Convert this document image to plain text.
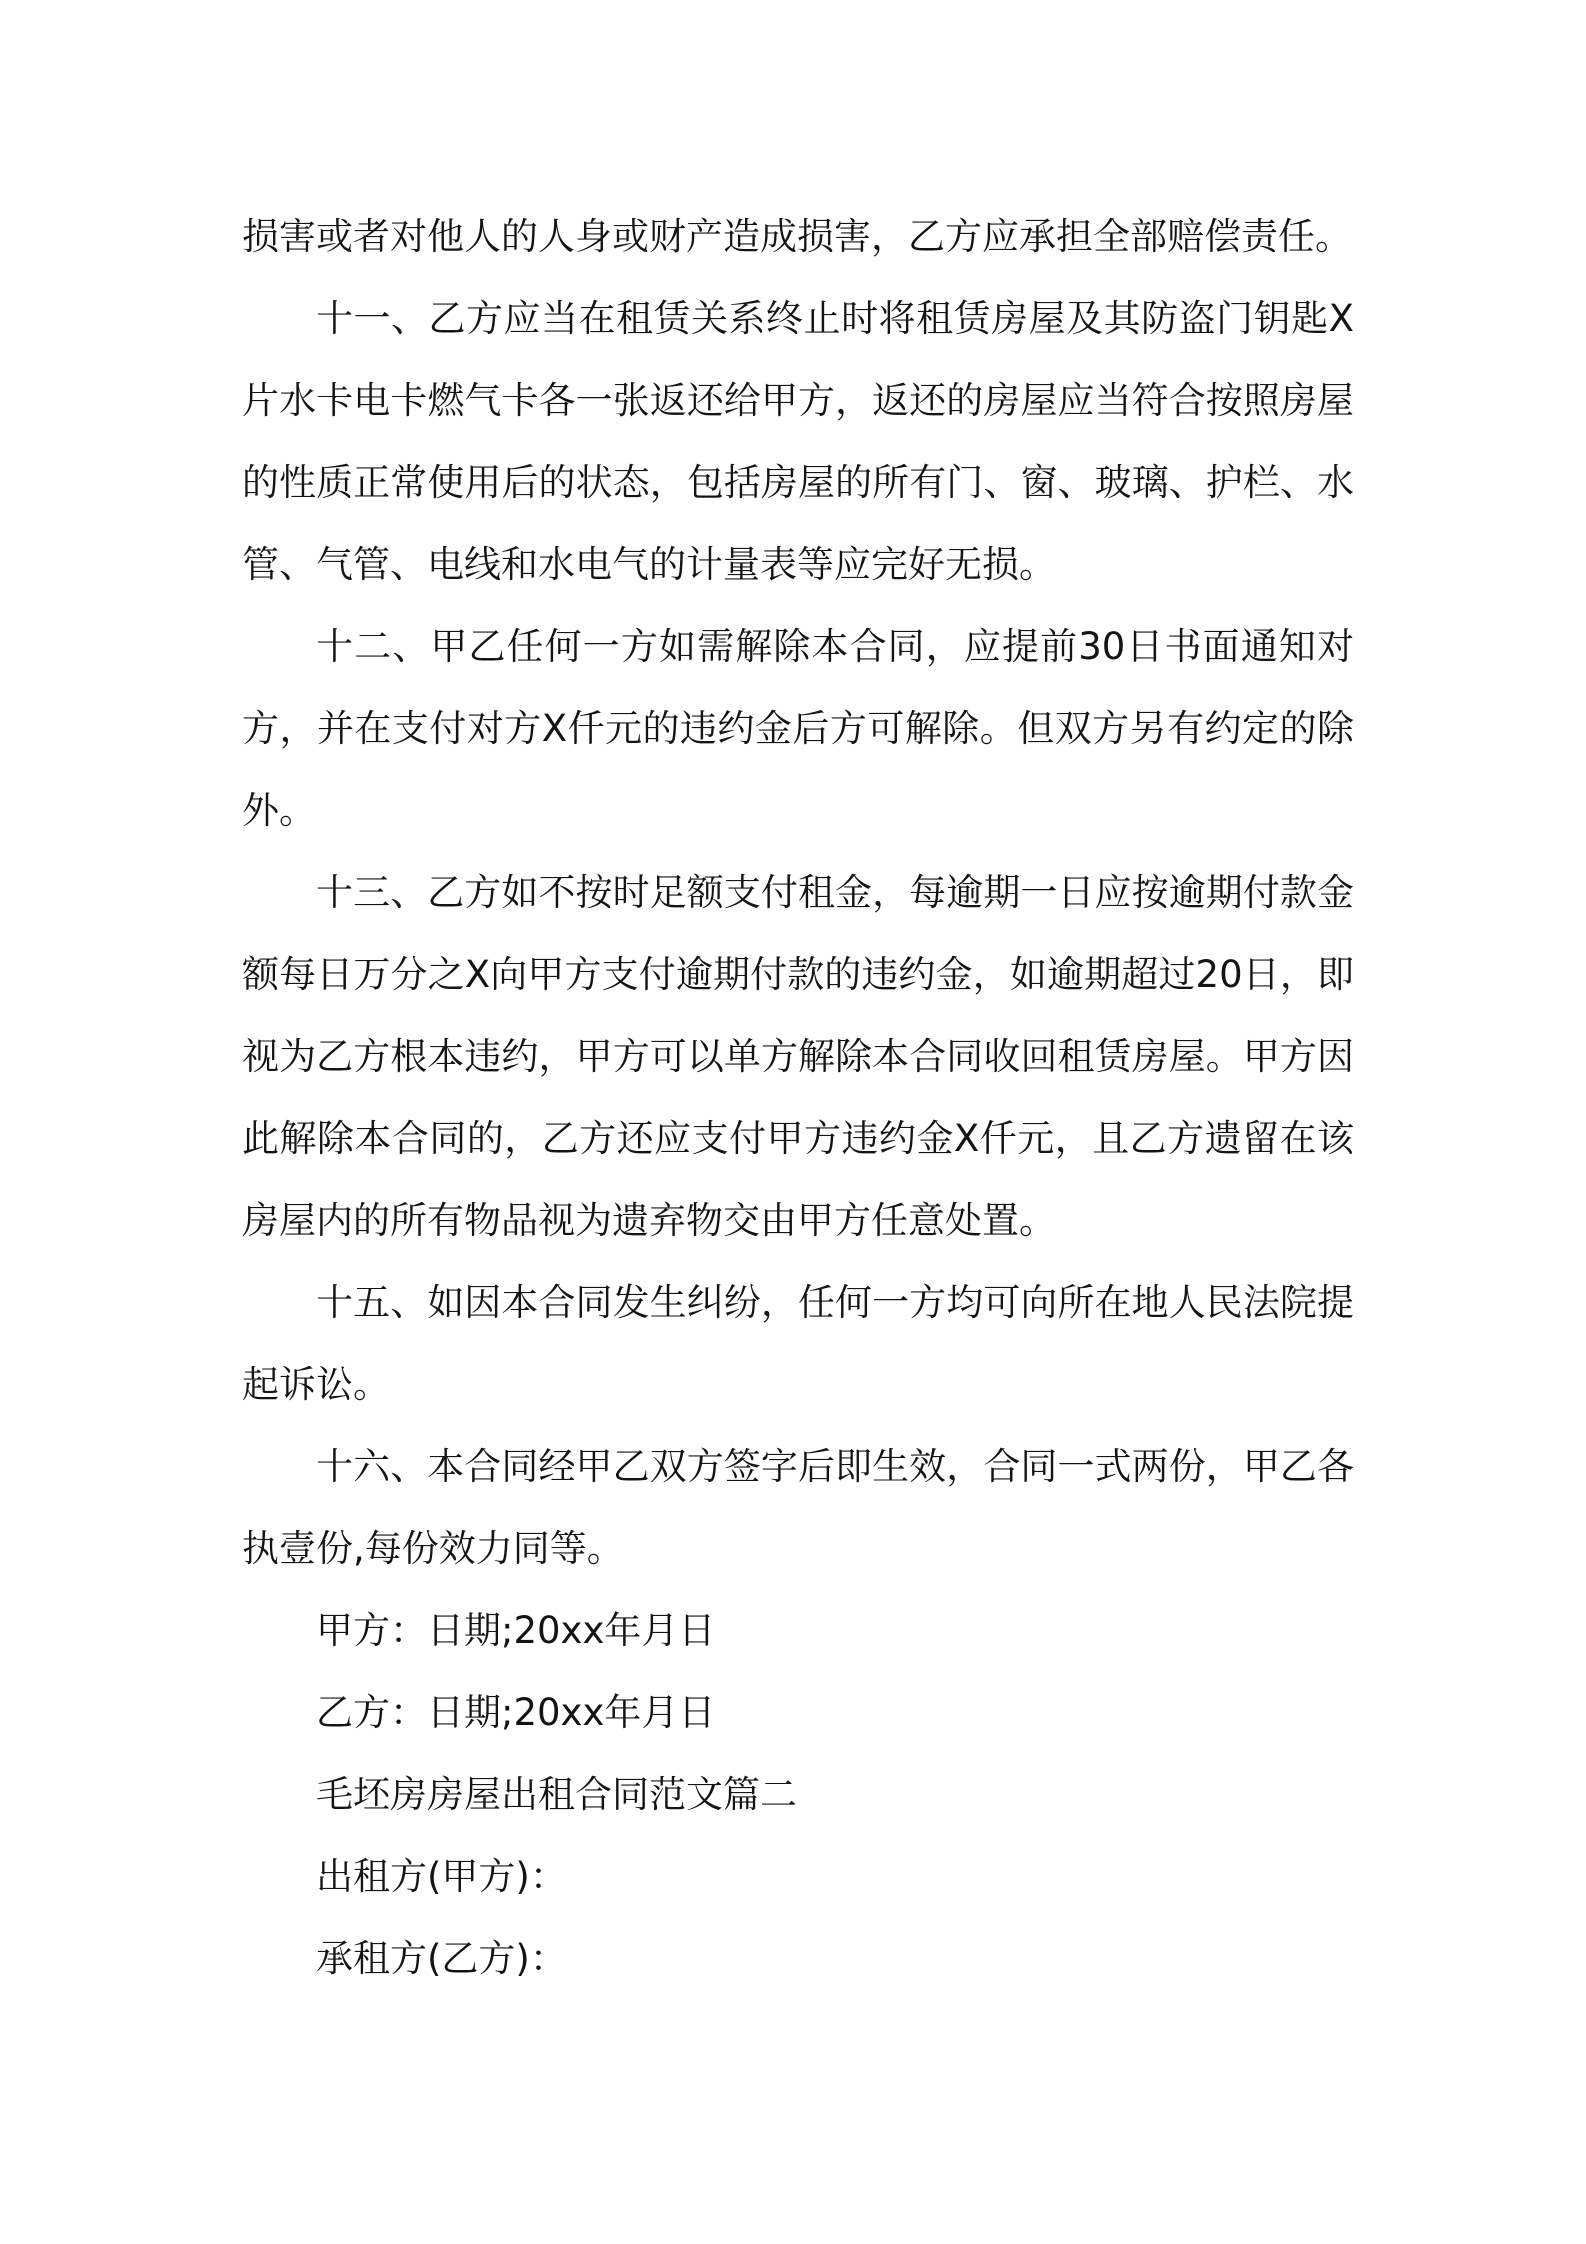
损害或者对他人的人身或财产造成损害，乙方应承担全部赔偿责任。

十一、乙方应当在租赁关系终止时将租赁房屋及其防盗门钥匙X片水卡电卡燃气卡各一张返还给甲方，返还的房屋应当符合按照房屋的性质正常使用后的状态，包括房屋的所有门、窗、玻璃、护栏、水管、气管、电线和水电气的计量表等应完好无损。

十二、甲乙任何一方如需解除本合同，应提前30日书面通知对方，并在支付对方X仟元的违约金后方可解除。但双方另有约定的除外。

十三、乙方如不按时足额支付租金，每逾期一日应按逾期付款金额每日万分之X向甲方支付逾期付款的违约金，如逾期超过20日，即视为乙方根本违约，甲方可以单方解除本合同收回租赁房屋。甲方因此解除本合同的，乙方还应支付甲方违约金X仟元，且乙方遗留在该房屋内的所有物品视为遗弃物交由甲方任意处置。

十五、如因本合同发生纠纷，任何一方均可向所在地人民法院提起诉讼。

十六、本合同经甲乙双方签字后即生效，合同一式两份，甲乙各执壹份,每份效力同等。

甲方：日期;20xx年月日

乙方：日期;20xx年月日

毛坯房房屋出租合同范文篇二

出租方(甲方)：

承租方(乙方)：
